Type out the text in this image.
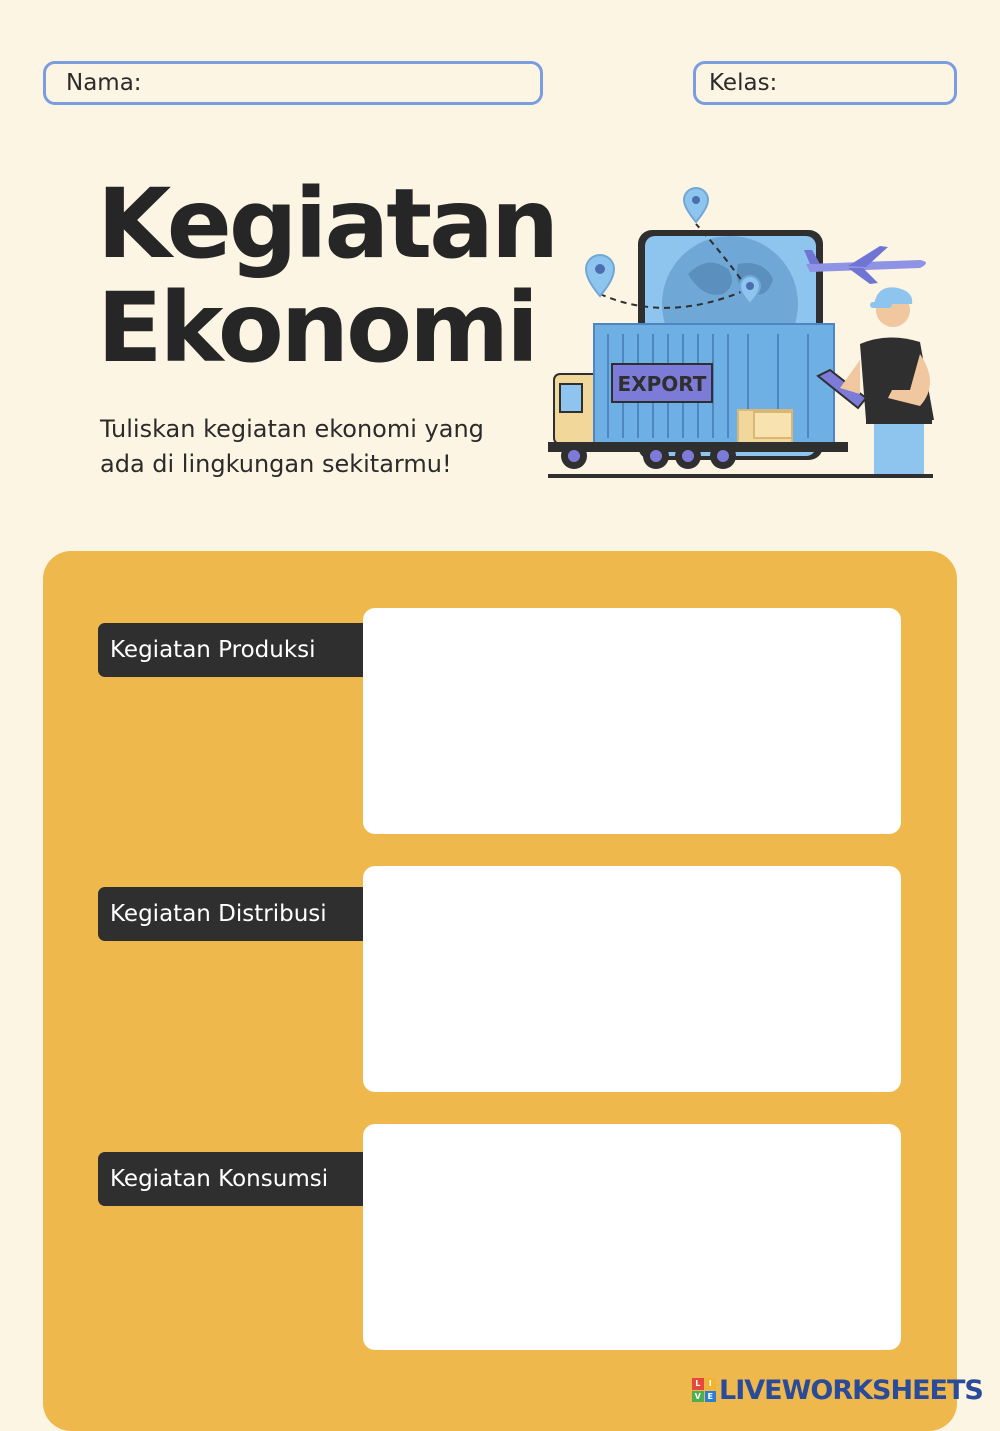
Nama:	Kelas:
Kegiatan
Ekonomi

Tuliskan kegiatan ekonomi yang
ada di lingkungan sekitarmu!

EXPORT
Kegiatan Produksi
Kegiatan Distribusi
Kegiatan Konsumsi
L	I
V E LIVEWORKSHEETS
